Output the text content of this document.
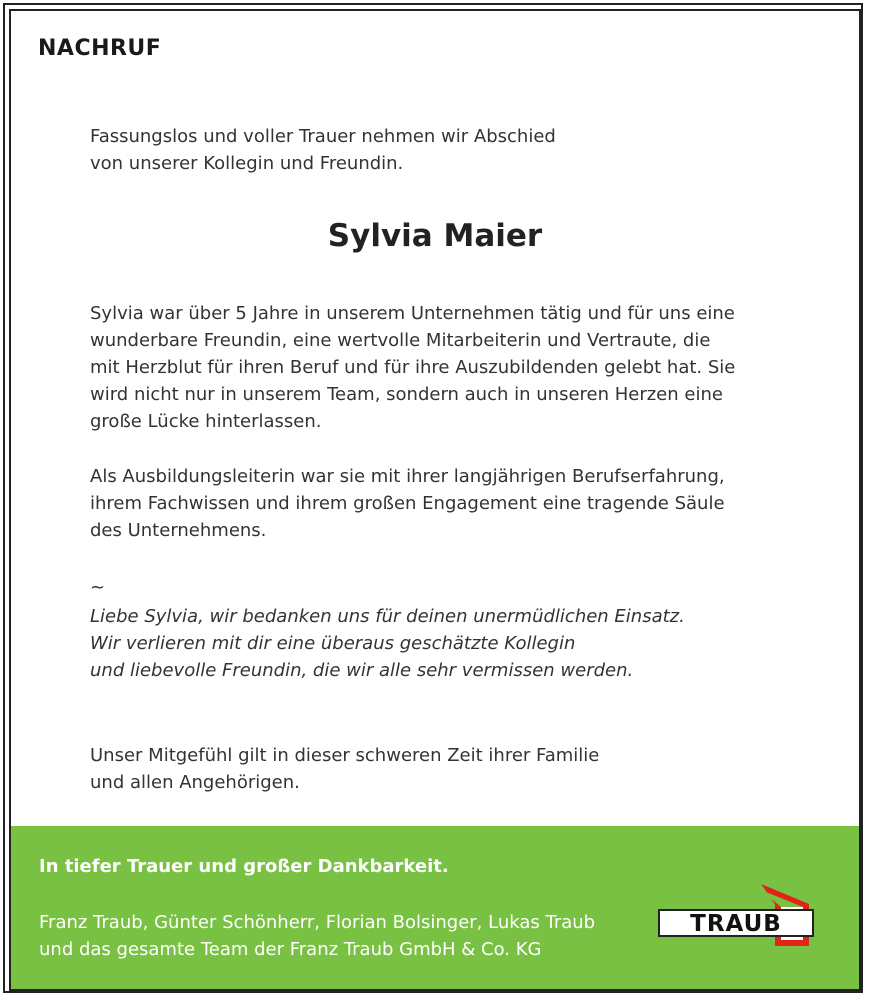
NACHRUF
Fassungslos und voller Trauer nehmen wir Abschied
von unserer Kollegin und Freundin.
Sylvia Maier
Sylvia war über 5 Jahre in unserem Unternehmen tätig und für uns eine
wunderbare Freundin, eine wertvolle Mitarbeiterin und Vertraute, die
mit Herzblut für ihren Beruf und für ihre Auszubildenden gelebt hat. Sie
wird nicht nur in unserem Team, sondern auch in unseren Herzen eine
große Lücke hinterlassen.
Als Ausbildungsleiterin war sie mit ihrer langjährigen Berufserfahrung,
ihrem Fachwissen und ihrem großen Engagement eine tragende Säule
des Unternehmens.
~
Liebe Sylvia, wir bedanken uns für deinen unermüdlichen Einsatz.
Wir verlieren mit dir eine überaus geschätzte Kollegin
und liebevolle Freundin, die wir alle sehr vermissen werden.
Unser Mitgefühl gilt in dieser schweren Zeit ihrer Familie
und allen Angehörigen.
In tiefer Trauer und großer Dankbarkeit.
Franz Traub, Günter Schönherr, Florian Bolsinger, Lukas Traub
und das gesamte Team der Franz Traub GmbH & Co. KG
TRAUB
